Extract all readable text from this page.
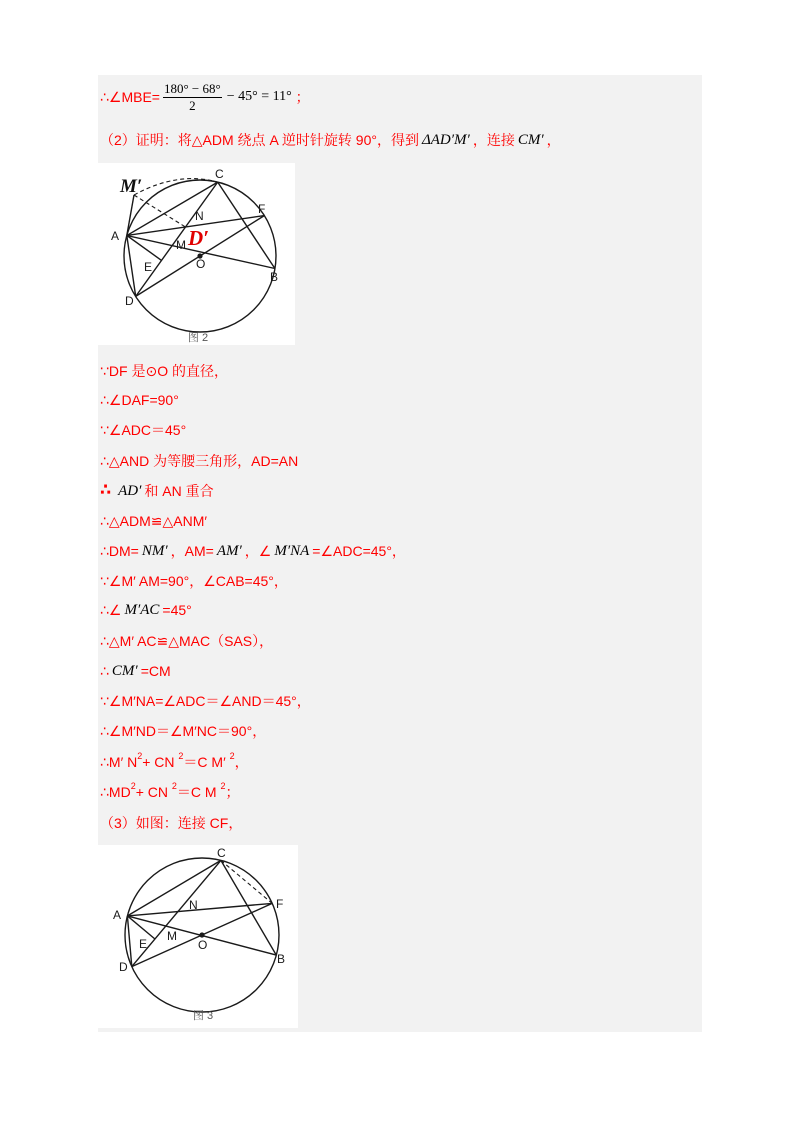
∴∠MBE= $\frac{180^\circ - 68^\circ}{2} - 45^\circ = 11^\circ$ ；
（2）证明：将△ADM 绕点 A 逆时针旋转 90°，得到 ΔAD′M′ ，连接 CM′ ，
∵DF 是⊙O 的直径，
∴∠DAF=90°
∵∠ADC＝45°
∴△AND 为等腰三角形，AD=AN
∴ AD′ 和 AN 重合
∴△ADM≌△ANM′
∴DM= NM′ ，AM= AM′ ，∠ M′NA =∠ADC=45°，
∵∠M′ AM=90°，∠CAB=45°，
∴∠ M′AC =45°
∴△M′ AC≌△MAC（SAS），
∴ CM′ =CM
∵∠M′NA=∠ADC＝∠AND＝45°，
∴∠M′ND＝∠M′NC＝90°，
∴M′ N 2 + CN 2 ＝C M′ 2 ，
∴MD 2 + CN 2 ＝C M 2 ；
（3）如图：连接 CF，
M′
C
F
N
D′
A
M
E	O
B
D
图 2
C
F
N
A
M
E	O
D
B
图 3
